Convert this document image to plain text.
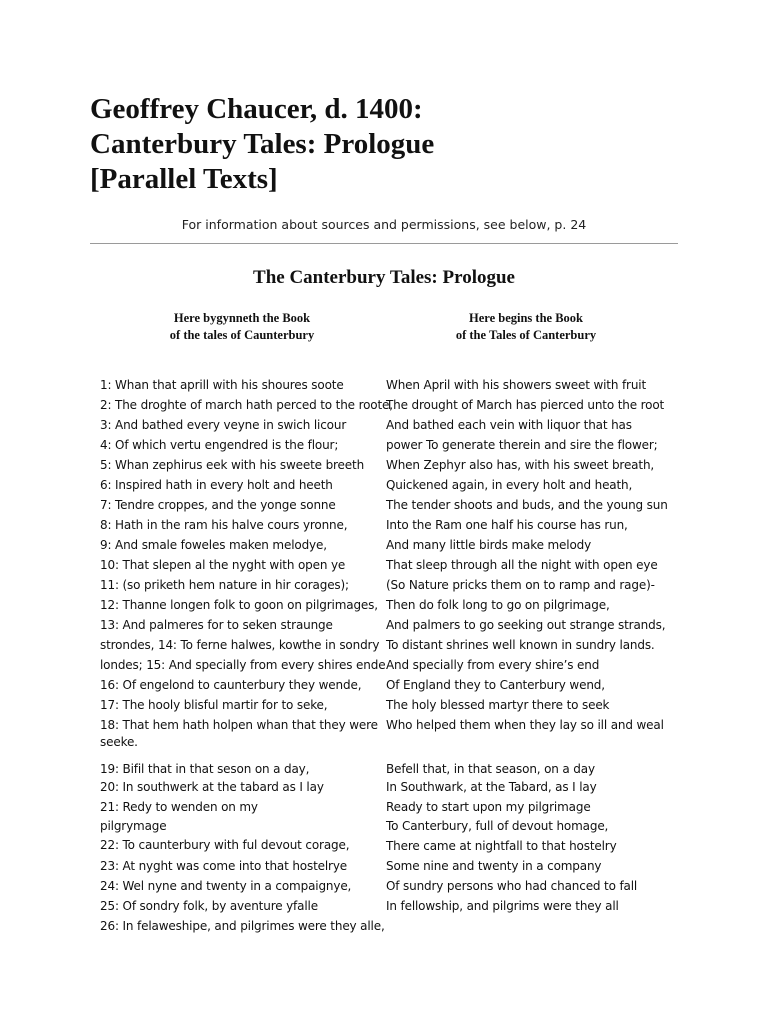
Geoffrey Chaucer, d. 1400:
Canterbury Tales: Prologue
[Parallel Texts]
For information about sources and permissions, see below, p. 24
The Canterbury Tales: Prologue
Here bygynneth the Book
of the tales of Caunterbury
Here begins the Book
of the Tales of Canterbury
1: Whan that aprill with his shoures soote
2: The droghte of march hath perced to the roote,
3: And bathed every veyne in swich licour
4: Of which vertu engendred is the flour;
5: Whan zephirus eek with his sweete breeth
6: Inspired hath in every holt and heeth
7: Tendre croppes, and the yonge sonne
8: Hath in the ram his halve cours yronne,
9: And smale foweles maken melodye,
10: That slepen al the nyght with open ye
11: (so priketh hem nature in hir corages);
12: Thanne longen folk to goon on pilgrimages,
13: And palmeres for to seken straunge
strondes, 14: To ferne halwes, kowthe in sondry
londes; 15: And specially from every shires ende
16: Of engelond to caunterbury they wende,
17: The hooly blisful martir for to seke,
18: That hem hath holpen whan that they were
seeke.
19: Bifil that in that seson on a day,
20: In southwerk at the tabard as I lay
21: Redy to wenden on my
pilgrymage
22: To caunterbury with ful devout corage,
23: At nyght was come into that hostelrye
24: Wel nyne and twenty in a compaignye,
25: Of sondry folk, by aventure yfalle
26: In felaweshipe, and pilgrimes were they alle,
When April with his showers sweet with fruit
The drought of March has pierced unto the root
And bathed each vein with liquor that has
power To generate therein and sire the flower;
When Zephyr also has, with his sweet breath,
Quickened again, in every holt and heath,
The tender shoots and buds, and the young sun
Into the Ram one half his course has run,
And many little birds make melody
That sleep through all the night with open eye
(So Nature pricks them on to ramp and rage)-
Then do folk long to go on pilgrimage,
And palmers to go seeking out strange strands,
To distant shrines well known in sundry lands.
And specially from every shire’s end
Of England they to Canterbury wend,
The holy blessed martyr there to seek
Who helped them when they lay so ill and weal
Befell that, in that season, on a day
In Southwark, at the Tabard, as I lay
Ready to start upon my pilgrimage
To Canterbury, full of devout homage,
There came at nightfall to that hostelry
Some nine and twenty in a company
Of sundry persons who had chanced to fall
In fellowship, and pilgrims were they all
